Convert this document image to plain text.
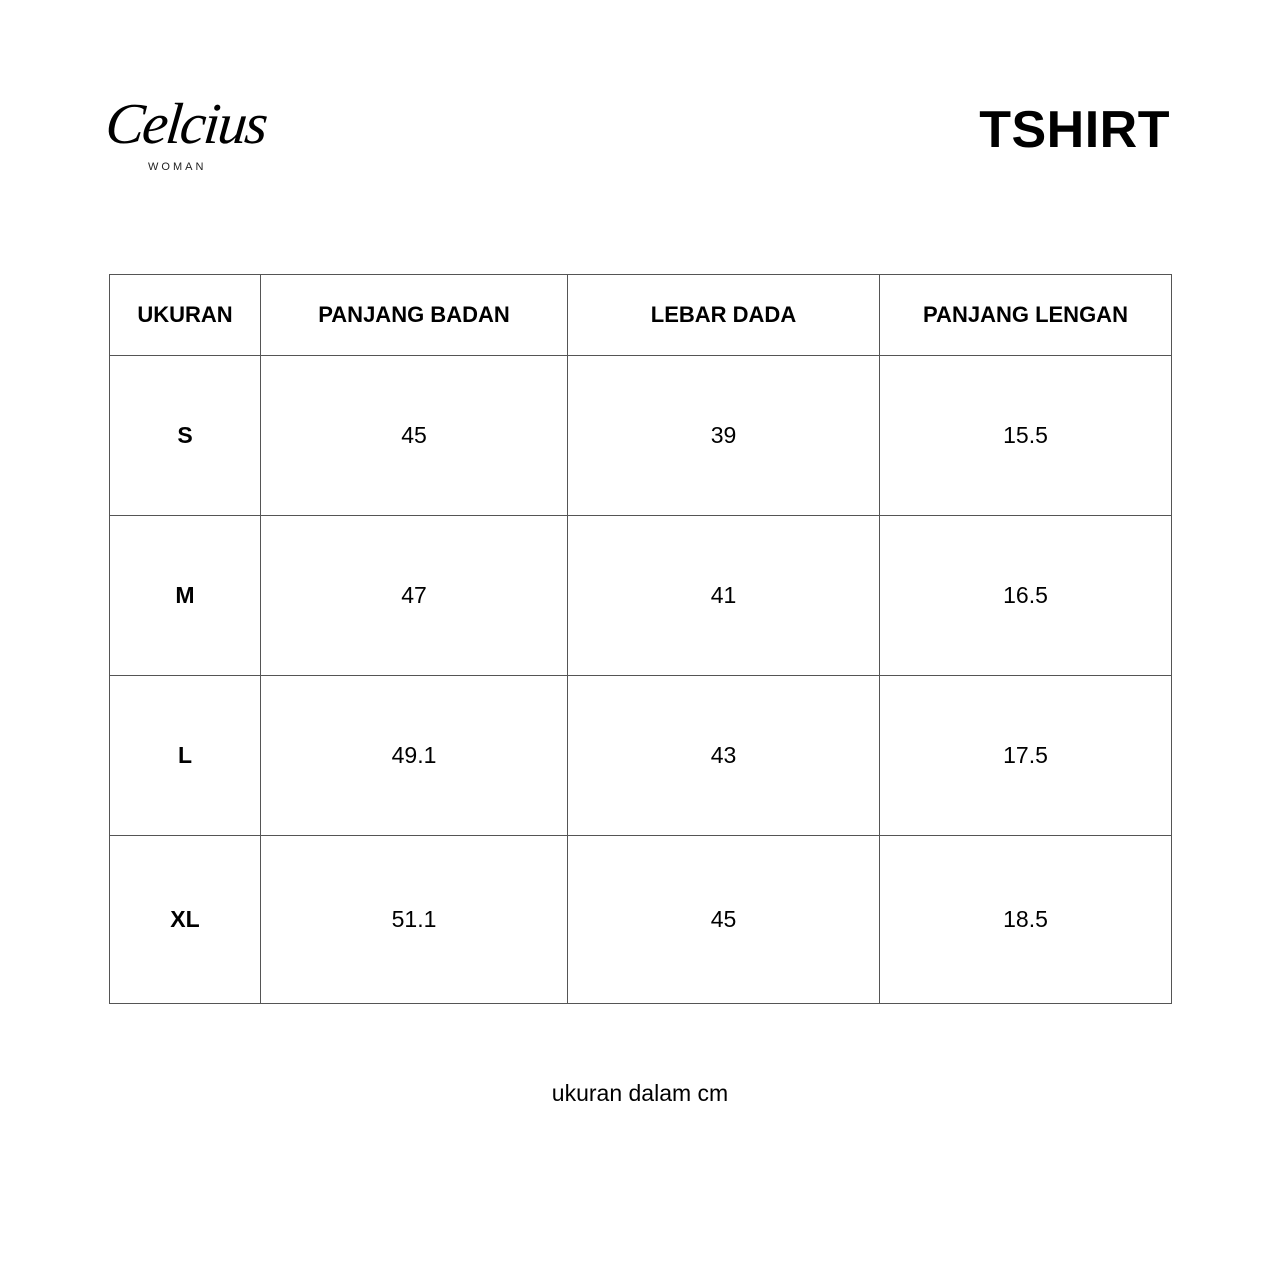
Celcius
WOMAN
TSHIRT
UKURAN	PANJANG BADAN	LEBAR DADA	PANJANG LENGAN
S	45	39	15.5
M	47	41	16.5
L	49.1	43	17.5
XL	51.1	45	18.5
ukuran dalam cm
